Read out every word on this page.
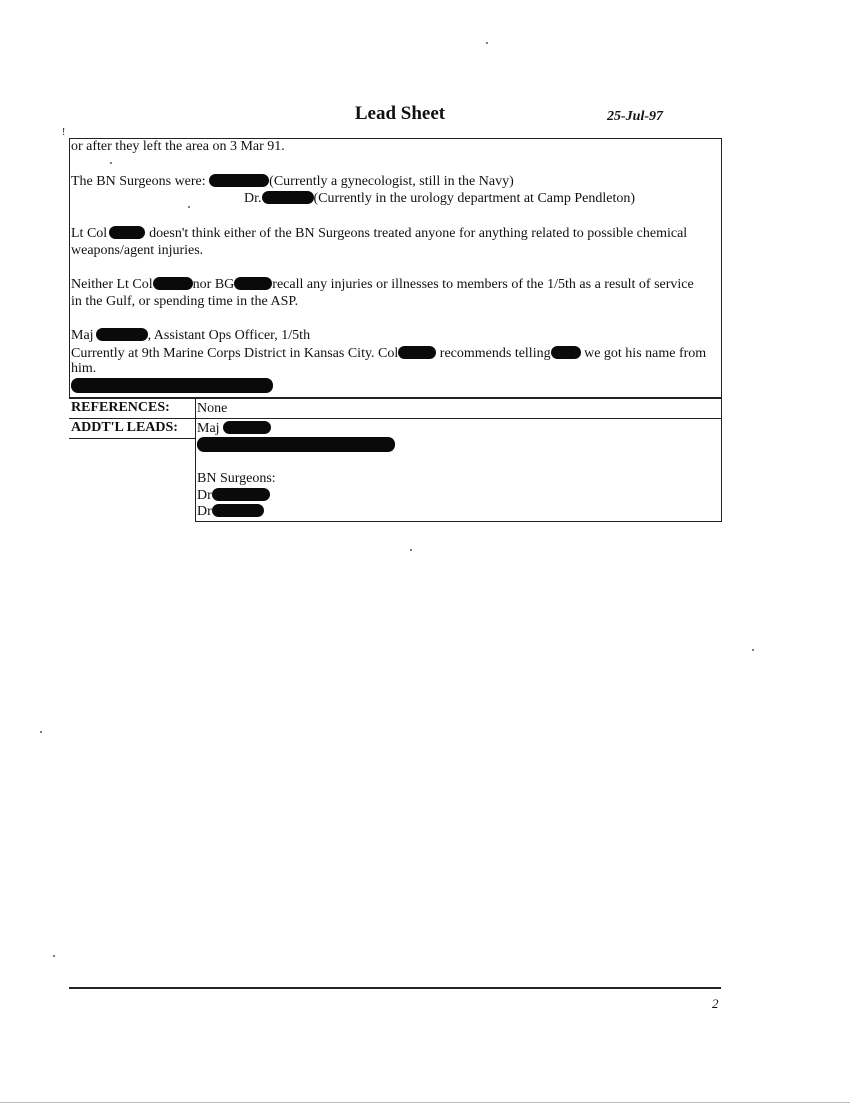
!
Lead Sheet	25-Jul-97
or after they left the area on 3 Mar 91.
The BN Surgeons were:	(Currently a gynecologist, still in the Navy)
Dr.	(Currently in the urology department at Camp Pendleton)
Lt Col	doesn't think either of the BN Surgeons treated anyone for anything related to possible chemical
weapons/agent injuries.
Neither Lt Col	nor BG	recall any injuries or illnesses to members of the 1/5th as a result of service
in the Gulf, or spending time in the ASP.
Maj	, Assistant Ops Officer, 1/5th
Currently at 9th Marine Corps District in Kansas City. Col	recommends telling we got his name from
him.
REFERENCES: None
ADDT'L LEADS: Maj
BN Surgeons:
Dr
Dr
2
